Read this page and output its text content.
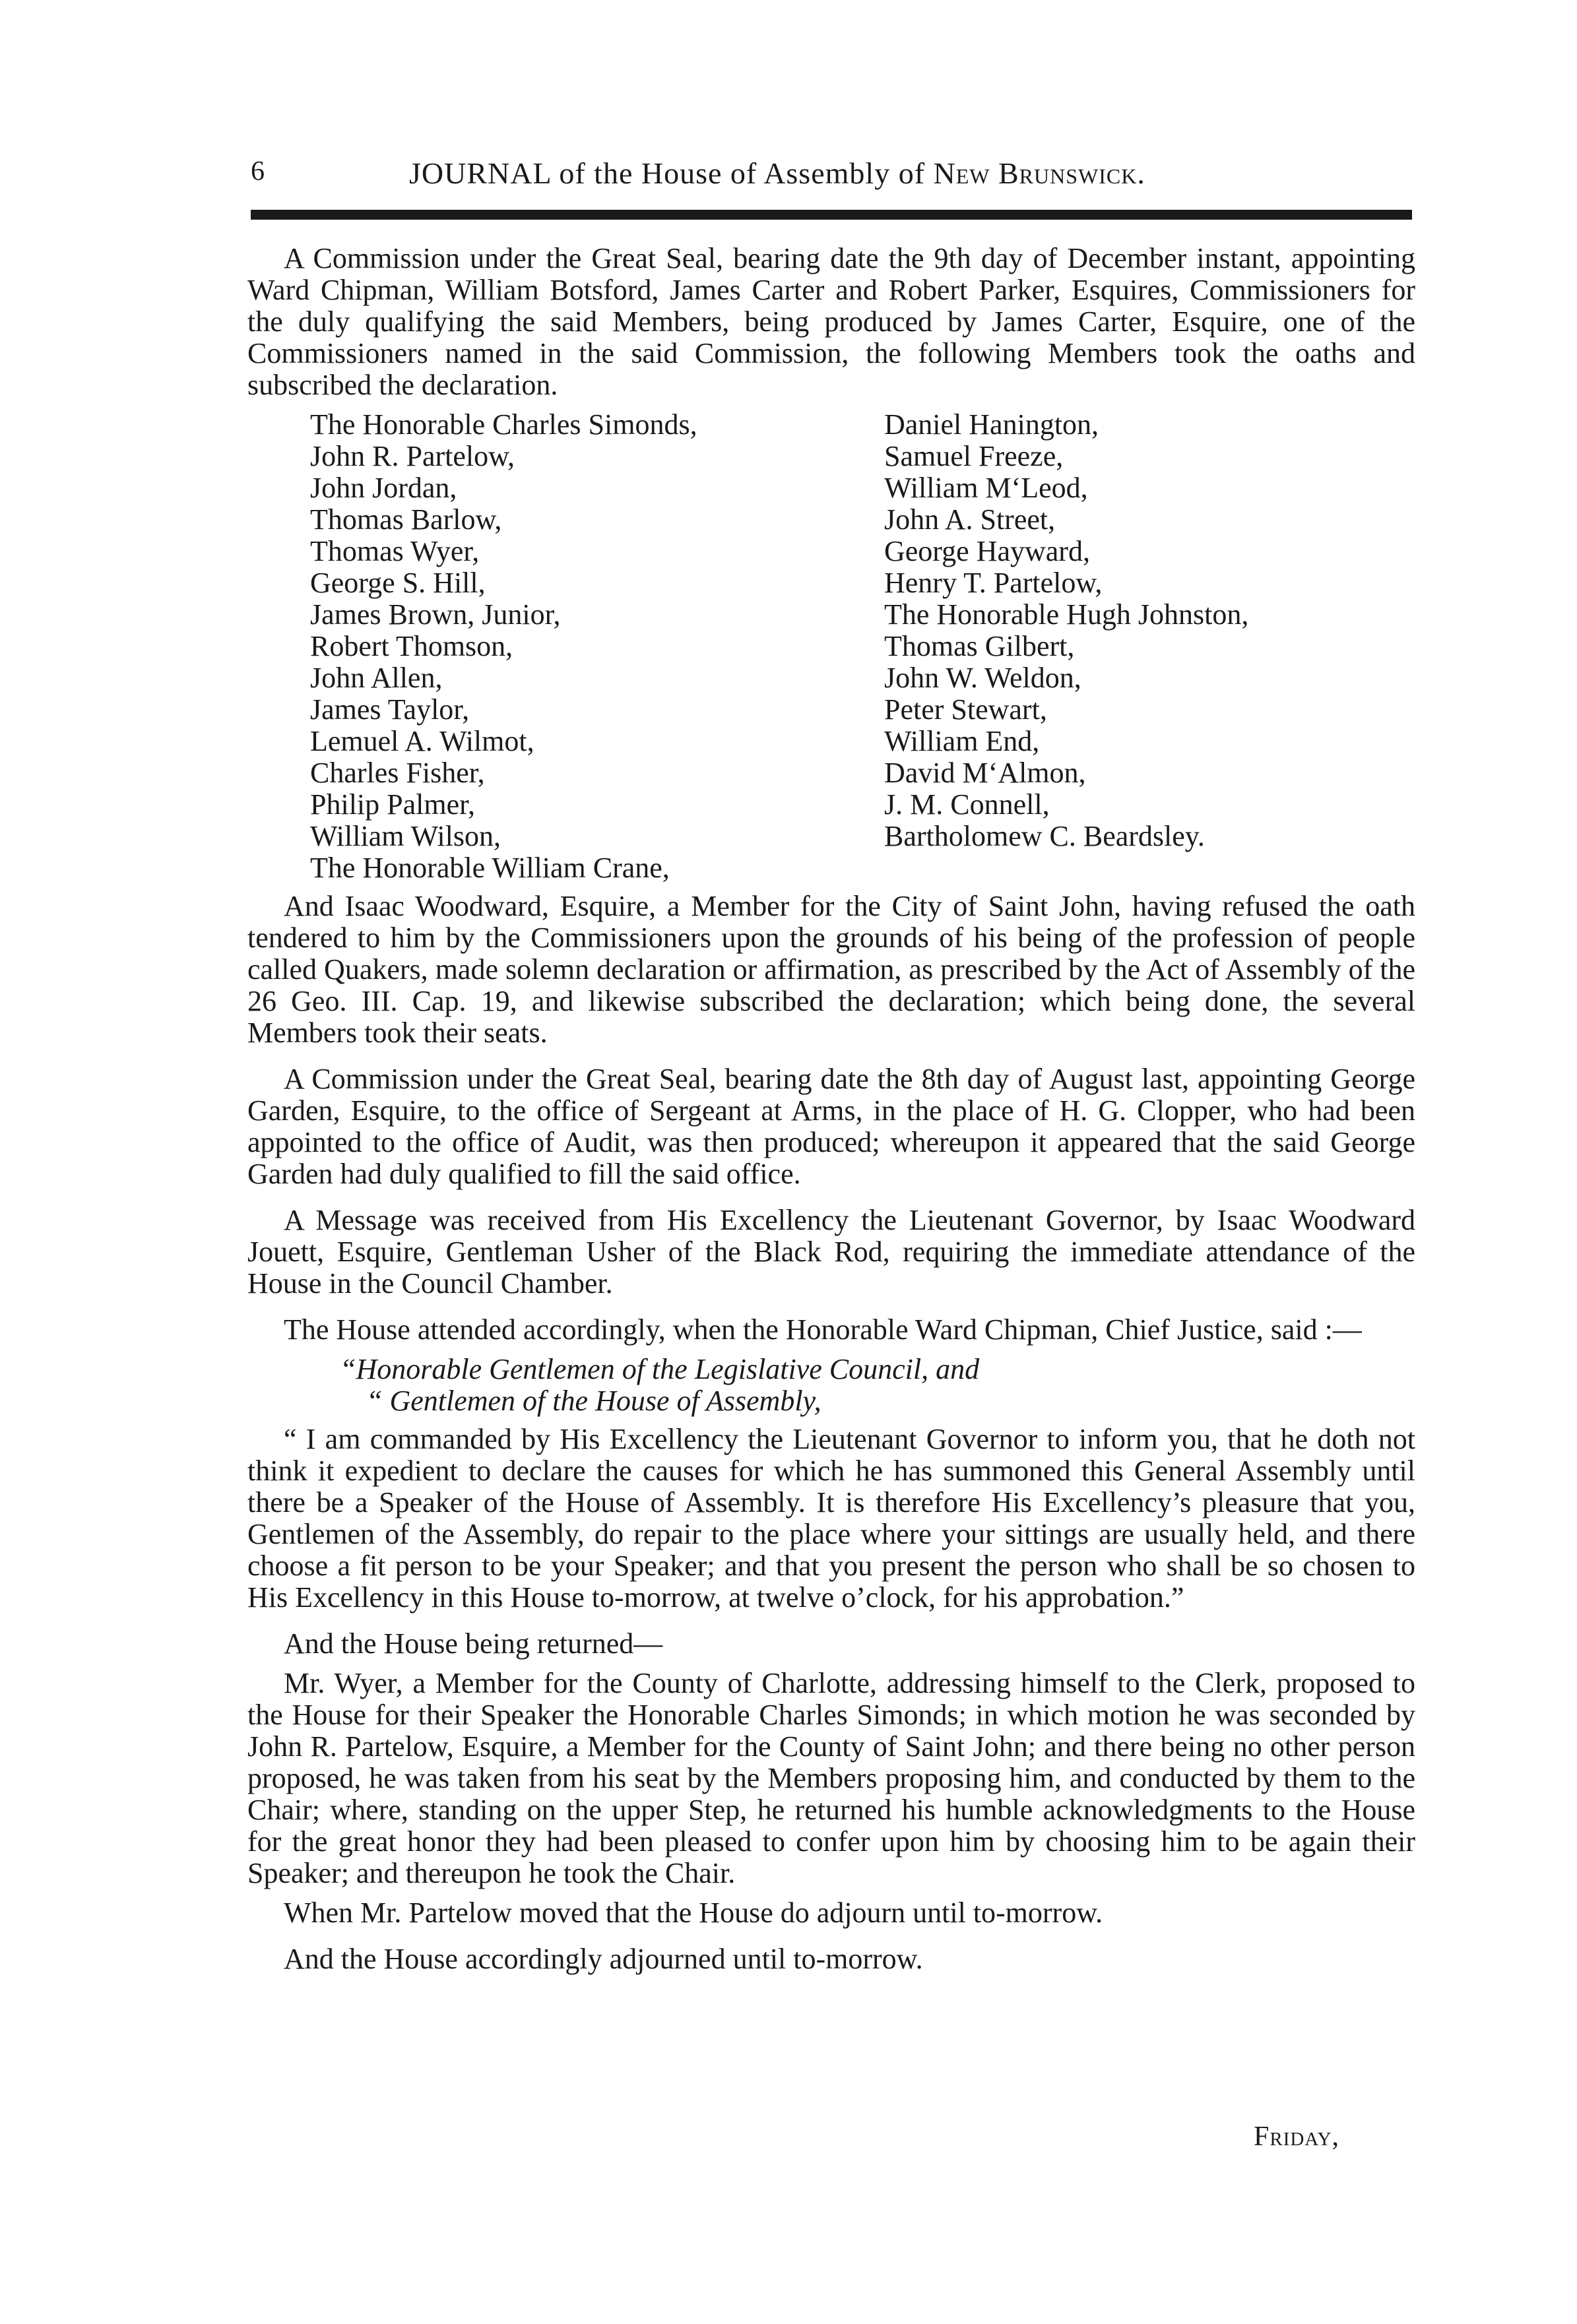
6	JOURNAL of the House of Assembly of New Brunswick.

A Commission under the Great Seal, bearing date the 9th day of December instant, appointing Ward Chipman, William Botsford, James Carter and Robert Parker, Esquires, Commissioners for the duly qualifying the said Members, being produced by James Carter, Esquire, one of the Commissioners named in the said Commission, the following Members took the oaths and subscribed the declaration.

The Honorable Charles Simonds,
John R. Partelow,
John Jordan,
Thomas Barlow,
Thomas Wyer,
George S. Hill,
James Brown, Junior,
Robert Thomson,
John Allen,
James Taylor,
Lemuel A. Wilmot,
Charles Fisher,
Philip Palmer,
William Wilson,
The Honorable William Crane,
Daniel Hanington,
Samuel Freeze,
William M‘Leod,
John A. Street,
George Hayward,
Henry T. Partelow,
The Honorable Hugh Johnston,
Thomas Gilbert,
John W. Weldon,
Peter Stewart,
William End,
David M‘Almon,
J. M. Connell,
Bartholomew C. Beardsley.

And Isaac Woodward, Esquire, a Member for the City of Saint John, having refused the oath tendered to him by the Commissioners upon the grounds of his being of the profession of people called Quakers, made solemn declaration or affirmation, as prescribed by the Act of Assembly of the 26 Geo. III. Cap. 19, and likewise subscribed the declaration; which being done, the several Members took their seats.

A Commission under the Great Seal, bearing date the 8th day of August last, appointing George Garden, Esquire, to the office of Sergeant at Arms, in the place of H. G. Clopper, who had been appointed to the office of Audit, was then produced; whereupon it appeared that the said George Garden had duly qualified to fill the said office.

A Message was received from His Excellency the Lieutenant Governor, by Isaac Woodward Jouett, Esquire, Gentleman Usher of the Black Rod, requiring the immediate attendance of the House in the Council Chamber.

The House attended accordingly, when the Honorable Ward Chipman, Chief Justice, said :—

“Honorable Gentlemen of the Legislative Council, and
“ Gentlemen of the House of Assembly,

“ I am commanded by His Excellency the Lieutenant Governor to inform you, that he doth not think it expedient to declare the causes for which he has summoned this General Assembly until there be a Speaker of the House of Assembly. It is therefore His Excellency’s pleasure that you, Gentlemen of the Assembly, do repair to the place where your sittings are usually held, and there choose a fit person to be your Speaker; and that you present the person who shall be so chosen to His Excellency in this House to-morrow, at twelve o’clock, for his approbation.”

And the House being returned—

Mr. Wyer, a Member for the County of Charlotte, addressing himself to the Clerk, proposed to the House for their Speaker the Honorable Charles Simonds; in which motion he was seconded by John R. Partelow, Esquire, a Member for the County of Saint John; and there being no other person proposed, he was taken from his seat by the Members proposing him, and conducted by them to the Chair; where, standing on the upper Step, he returned his humble acknowledgments to the House for the great honor they had been pleased to confer upon him by choosing him to be again their Speaker; and thereupon he took the Chair.

When Mr. Partelow moved that the House do adjourn until to-morrow.

And the House accordingly adjourned until to-morrow.

Friday,
